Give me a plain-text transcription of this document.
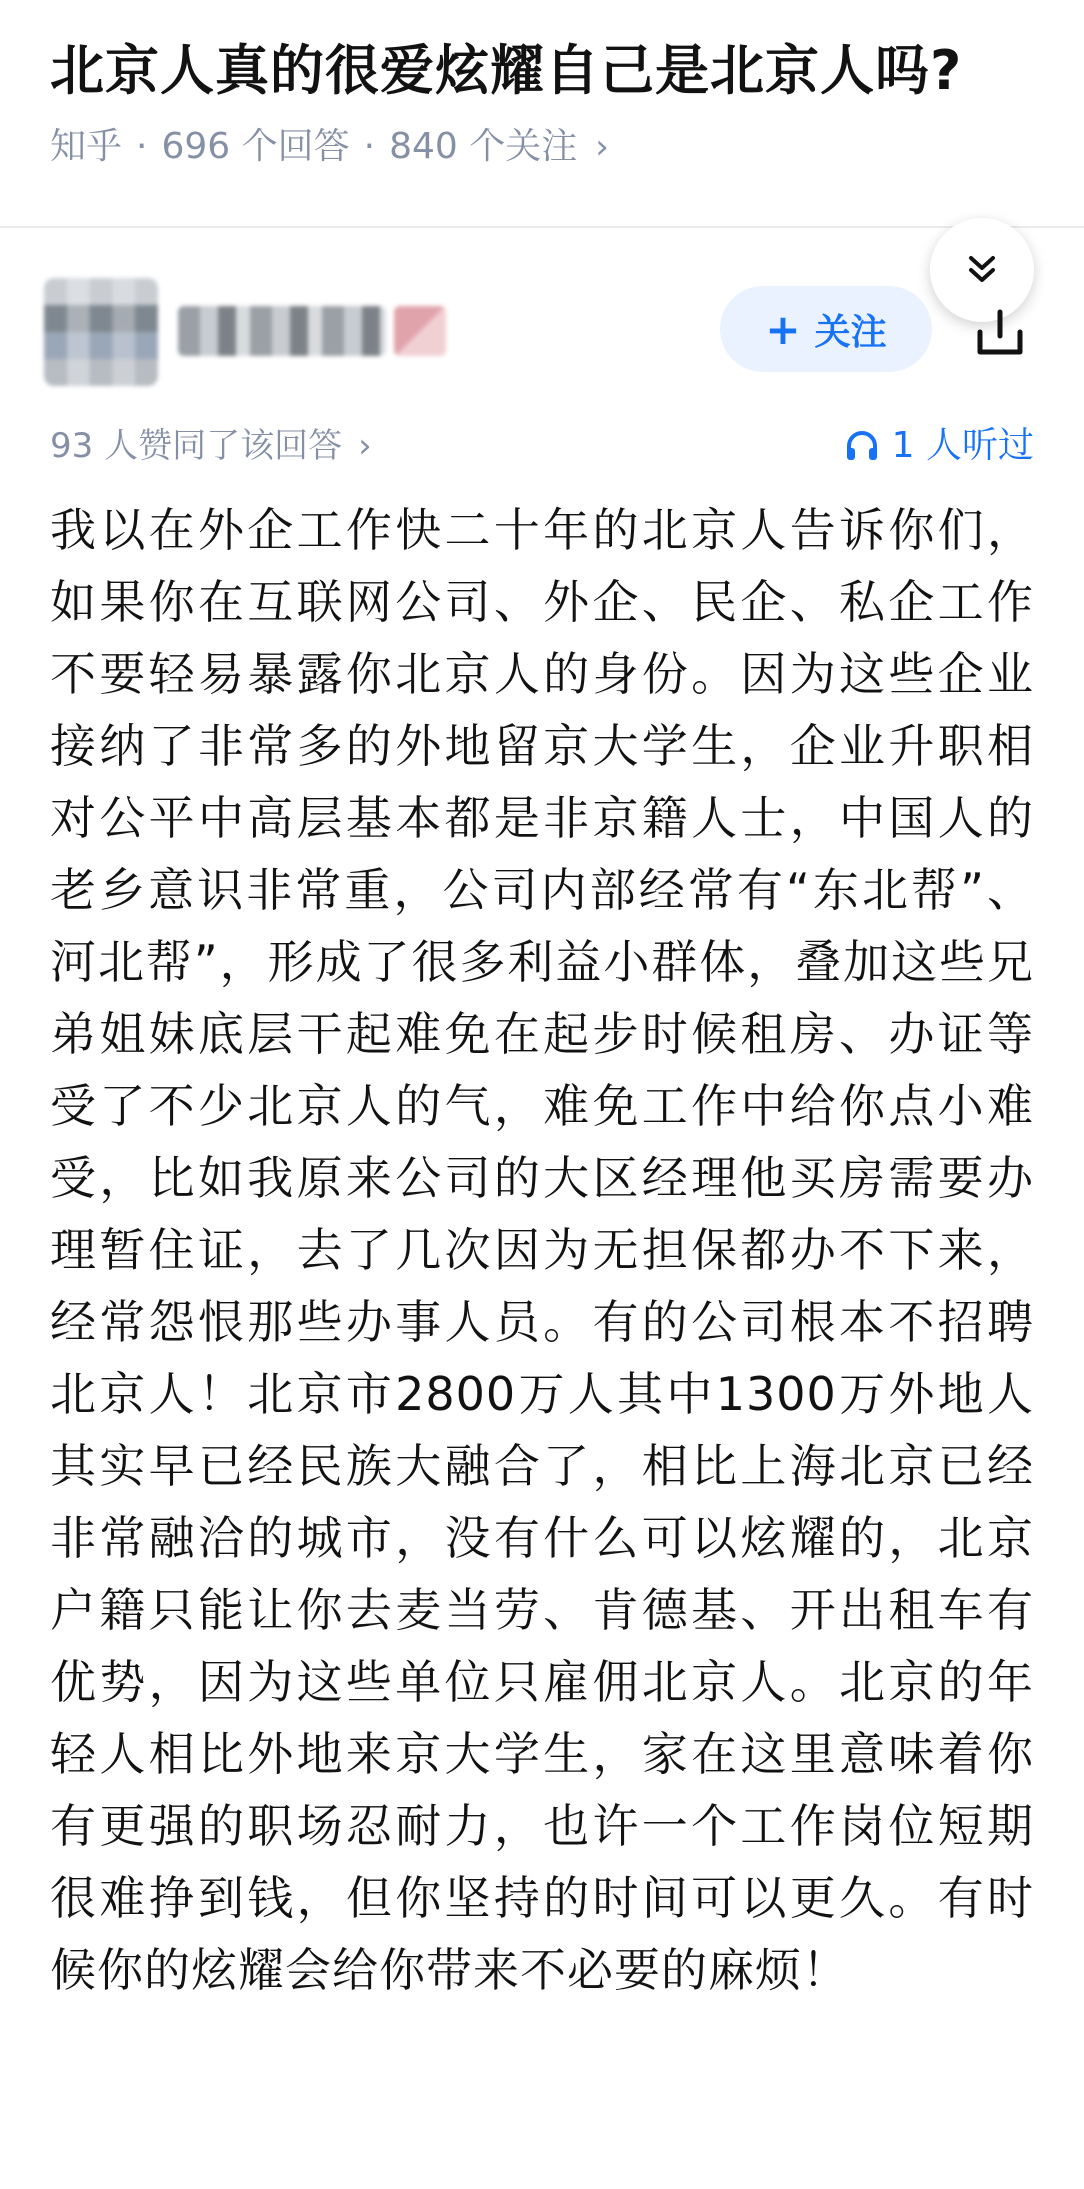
北京人真的很爱炫耀自己是北京人吗?
知乎 · 696 个回答 · 840 个关注 ›
+ 关注
93 人赞同了该回答 ›	1 人听过
我以在外企工作快二十年的北京人告诉你们，如果你在互联网公司、外企、民企、私企工作不要轻易暴露你北京人的身份。因为这些企业接纳了非常多的外地留京大学生，企业升职相对公平中高层基本都是非京籍人士，中国人的老乡意识非常重，公司内部经常有“东北帮”、河北帮”，形成了很多利益小群体，叠加这些兄弟姐妹底层干起难免在起步时候租房、办证等受了不少北京人的气，难免工作中给你点小难受，比如我原来公司的大区经理他买房需要办理暂住证，去了几次因为无担保都办不下来，经常怨恨那些办事人员。有的公司根本不招聘北京人！北京市2800万人其中1300万外地人其实早已经民族大融合了，相比上海北京已经非常融洽的城市，没有什么可以炫耀的，北京户籍只能让你去麦当劳、肯德基、开出租车有优势，因为这些单位只雇佣北京人。北京的年轻人相比外地来京大学生，家在这里意味着你有更强的职场忍耐力，也许一个工作岗位短期很难挣到钱，但你坚持的时间可以更久。有时候你的炫耀会给你带来不必要的麻烦！
